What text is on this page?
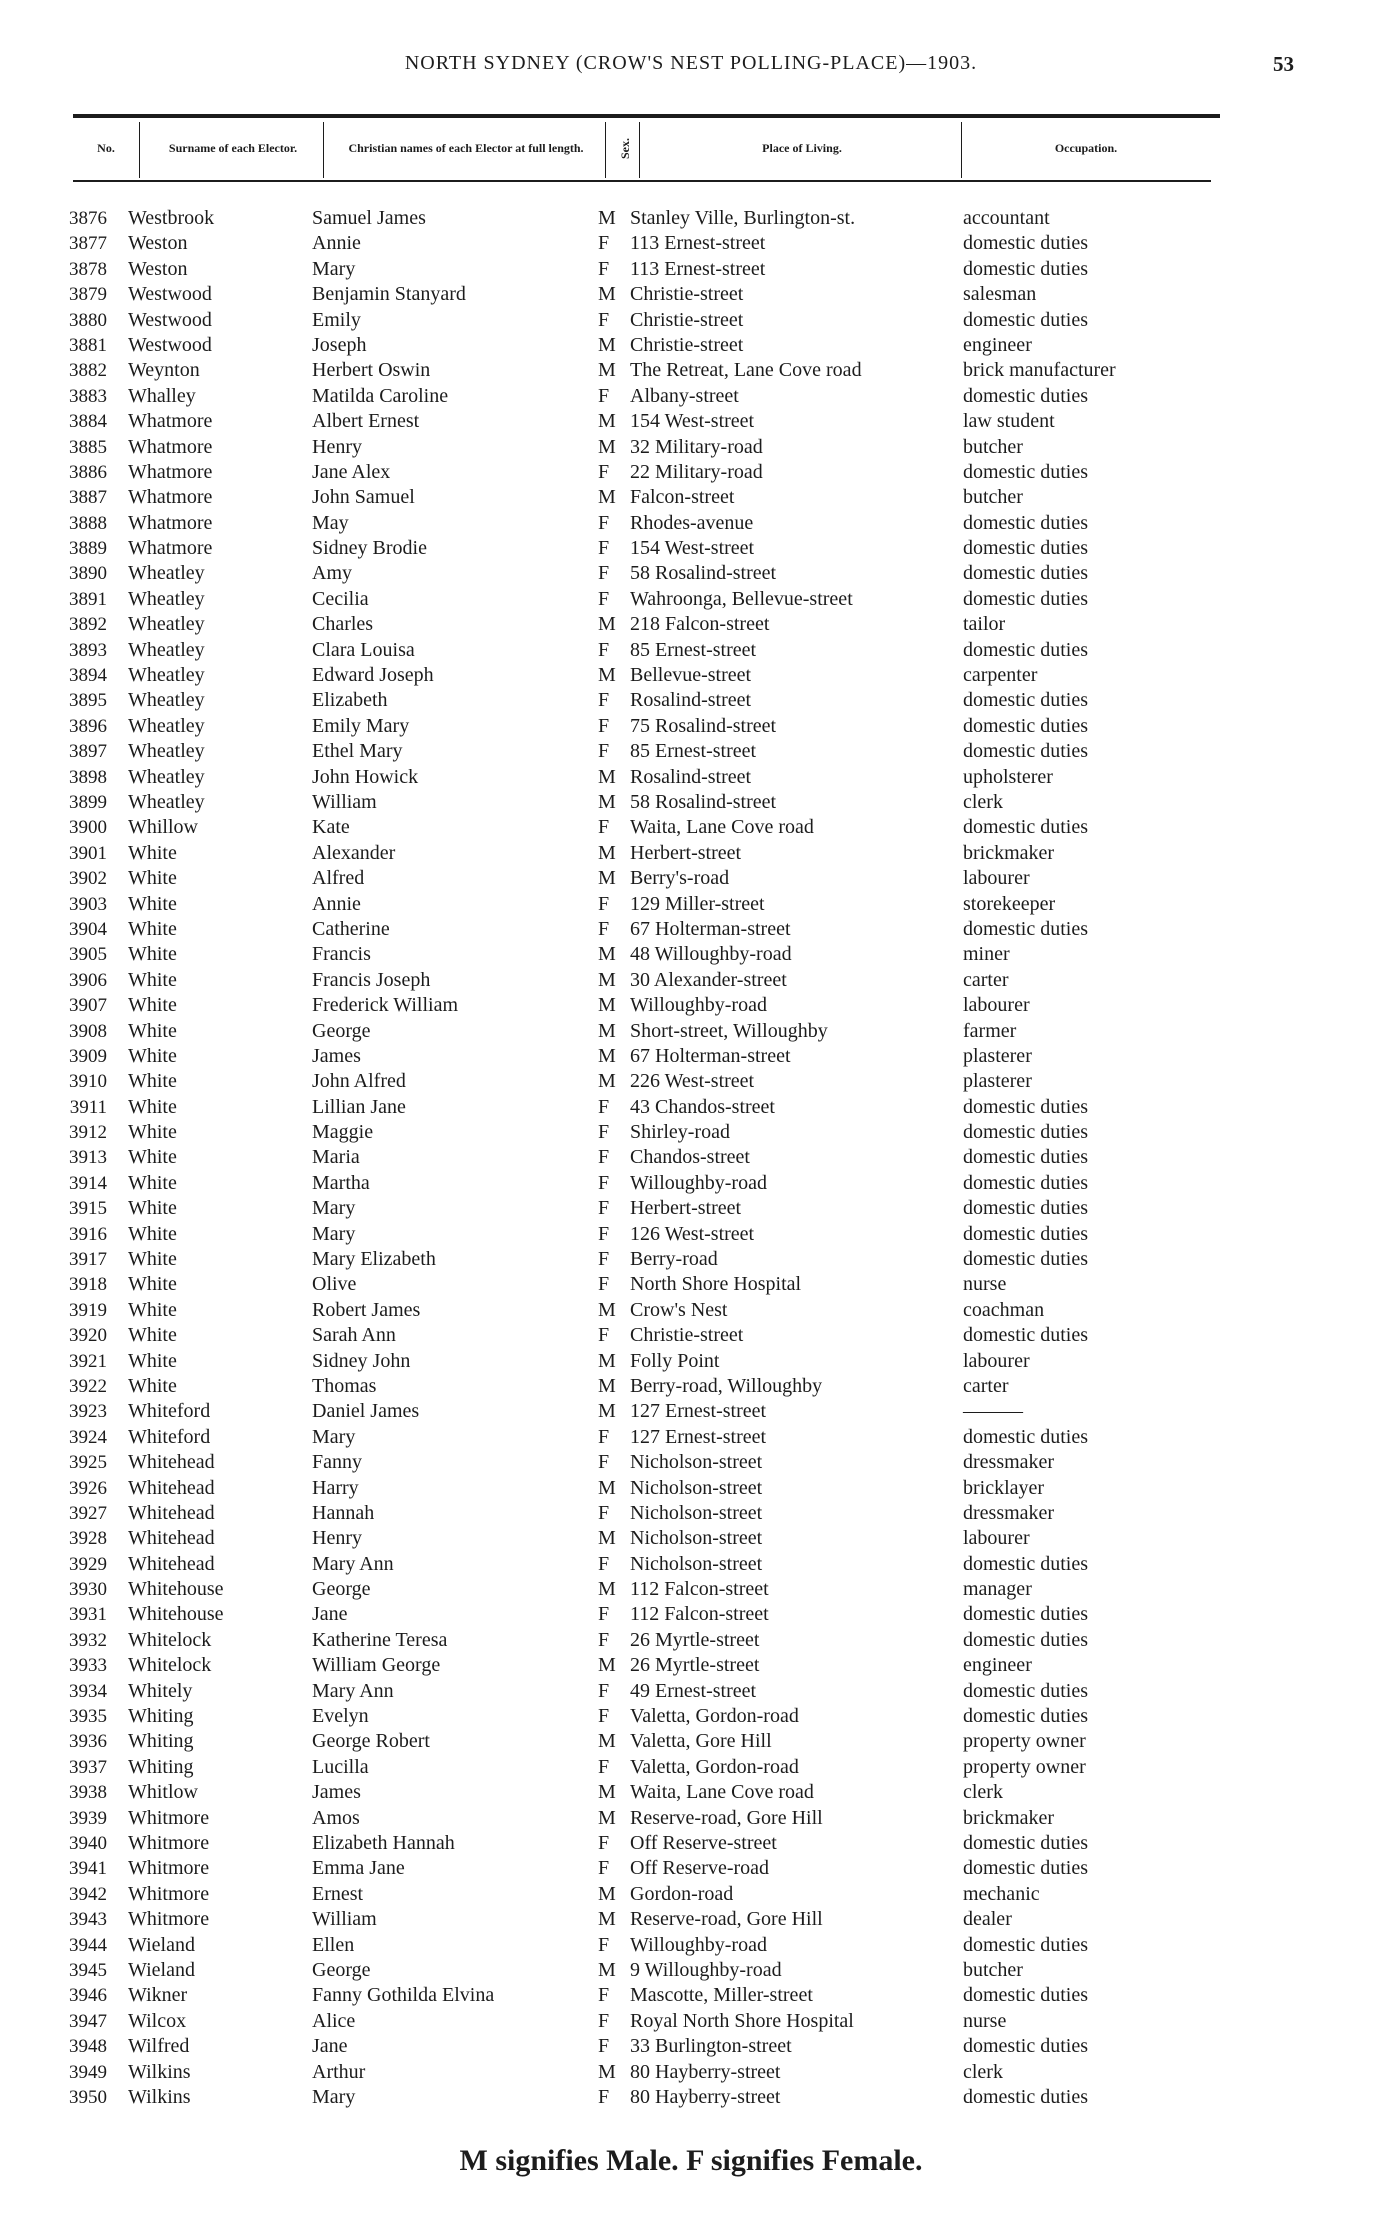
NORTH SYDNEY (CROW'S NEST POLLING-PLACE)—1903.	53
No.	Surname of each Elector.	Christian names of each Elector at full length.	Sex.	Place of Living.	Occupation.
3876 Westbrook	Samuel James	M Stanley Ville, Burlington-st.	accountant
3877 Weston	Annie	F 113 Ernest-street	domestic duties
3878 Weston	Mary	F 113 Ernest-street	domestic duties
3879 Westwood	Benjamin Stanyard	M Christie-street	salesman
3880 Westwood	Emily	F Christie-street	domestic duties
3881 Westwood	Joseph	M Christie-street	engineer
3882 Weynton	Herbert Oswin	M The Retreat, Lane Cove road	brick manufacturer
3883 Whalley	Matilda Caroline	F Albany-street	domestic duties
3884 Whatmore	Albert Ernest	M 154 West-street	law student
3885 Whatmore	Henry	M 32 Military-road	butcher
3886 Whatmore	Jane Alex	F 22 Military-road	domestic duties
3887 Whatmore	John Samuel	M Falcon-street	butcher
3888 Whatmore	May	F Rhodes-avenue	domestic duties
3889 Whatmore	Sidney Brodie	F 154 West-street	domestic duties
3890 Wheatley	Amy	F 58 Rosalind-street	domestic duties
3891 Wheatley	Cecilia	F Wahroonga, Bellevue-street	domestic duties
3892 Wheatley	Charles	M 218 Falcon-street	tailor
3893 Wheatley	Clara Louisa	F 85 Ernest-street	domestic duties
3894 Wheatley	Edward Joseph	M Bellevue-street	carpenter
3895 Wheatley	Elizabeth	F Rosalind-street	domestic duties
3896 Wheatley	Emily Mary	F 75 Rosalind-street	domestic duties
3897 Wheatley	Ethel Mary	F 85 Ernest-street	domestic duties
3898 Wheatley	John Howick	M Rosalind-street	upholsterer
3899 Wheatley	William	M 58 Rosalind-street	clerk
3900 Whillow	Kate	F Waita, Lane Cove road	domestic duties
3901 White	Alexander	M Herbert-street	brickmaker
3902 White	Alfred	M Berry's-road	labourer
3903 White	Annie	F 129 Miller-street	storekeeper
3904 White	Catherine	F 67 Holterman-street	domestic duties
3905 White	Francis	M 48 Willoughby-road	miner
3906 White	Francis Joseph	M 30 Alexander-street	carter
3907 White	Frederick William	M Willoughby-road	labourer
3908 White	George	M Short-street, Willoughby	farmer
3909 White	James	M 67 Holterman-street	plasterer
3910 White	John Alfred	M 226 West-street	plasterer
3911 White	Lillian Jane	F 43 Chandos-street	domestic duties
3912 White	Maggie	F Shirley-road	domestic duties
3913 White	Maria	F Chandos-street	domestic duties
3914 White	Martha	F Willoughby-road	domestic duties
3915 White	Mary	F Herbert-street	domestic duties
3916 White	Mary	F 126 West-street	domestic duties
3917 White	Mary Elizabeth	F Berry-road	domestic duties
3918 White	Olive	F North Shore Hospital	nurse
3919 White	Robert James	M Crow's Nest	coachman
3920 White	Sarah Ann	F Christie-street	domestic duties
3921 White	Sidney John	M Folly Point	labourer
3922 White	Thomas	M Berry-road, Willoughby	carter
3923 Whiteford	Daniel James	M 127 Ernest-street	———
3924 Whiteford	Mary	F 127 Ernest-street	domestic duties
3925 Whitehead	Fanny	F Nicholson-street	dressmaker
3926 Whitehead	Harry	M Nicholson-street	bricklayer
3927 Whitehead	Hannah	F Nicholson-street	dressmaker
3928 Whitehead	Henry	M Nicholson-street	labourer
3929 Whitehead	Mary Ann	F Nicholson-street	domestic duties
3930 Whitehouse	George	M 112 Falcon-street	manager
3931 Whitehouse	Jane	F 112 Falcon-street	domestic duties
3932 Whitelock	Katherine Teresa	F 26 Myrtle-street	domestic duties
3933 Whitelock	William George	M 26 Myrtle-street	engineer
3934 Whitely	Mary Ann	F 49 Ernest-street	domestic duties
3935 Whiting	Evelyn	F Valetta, Gordon-road	domestic duties
3936 Whiting	George Robert	M Valetta, Gore Hill	property owner
3937 Whiting	Lucilla	F Valetta, Gordon-road	property owner
3938 Whitlow	James	M Waita, Lane Cove road	clerk
3939 Whitmore	Amos	M Reserve-road, Gore Hill	brickmaker
3940 Whitmore	Elizabeth Hannah	F Off Reserve-street	domestic duties
3941 Whitmore	Emma Jane	F Off Reserve-road	domestic duties
3942 Whitmore	Ernest	M Gordon-road	mechanic
3943 Whitmore	William	M Reserve-road, Gore Hill	dealer
3944 Wieland	Ellen	F Willoughby-road	domestic duties
3945 Wieland	George	M 9 Willoughby-road	butcher
3946 Wikner	Fanny Gothilda Elvina	F Mascotte, Miller-street	domestic duties
3947 Wilcox	Alice	F Royal North Shore Hospital	nurse
3948 Wilfred	Jane	F 33 Burlington-street	domestic duties
3949 Wilkins	Arthur	M 80 Hayberry-street	clerk
3950 Wilkins	Mary	F 80 Hayberry-street	domestic duties
M signifies Male. F signifies Female.
